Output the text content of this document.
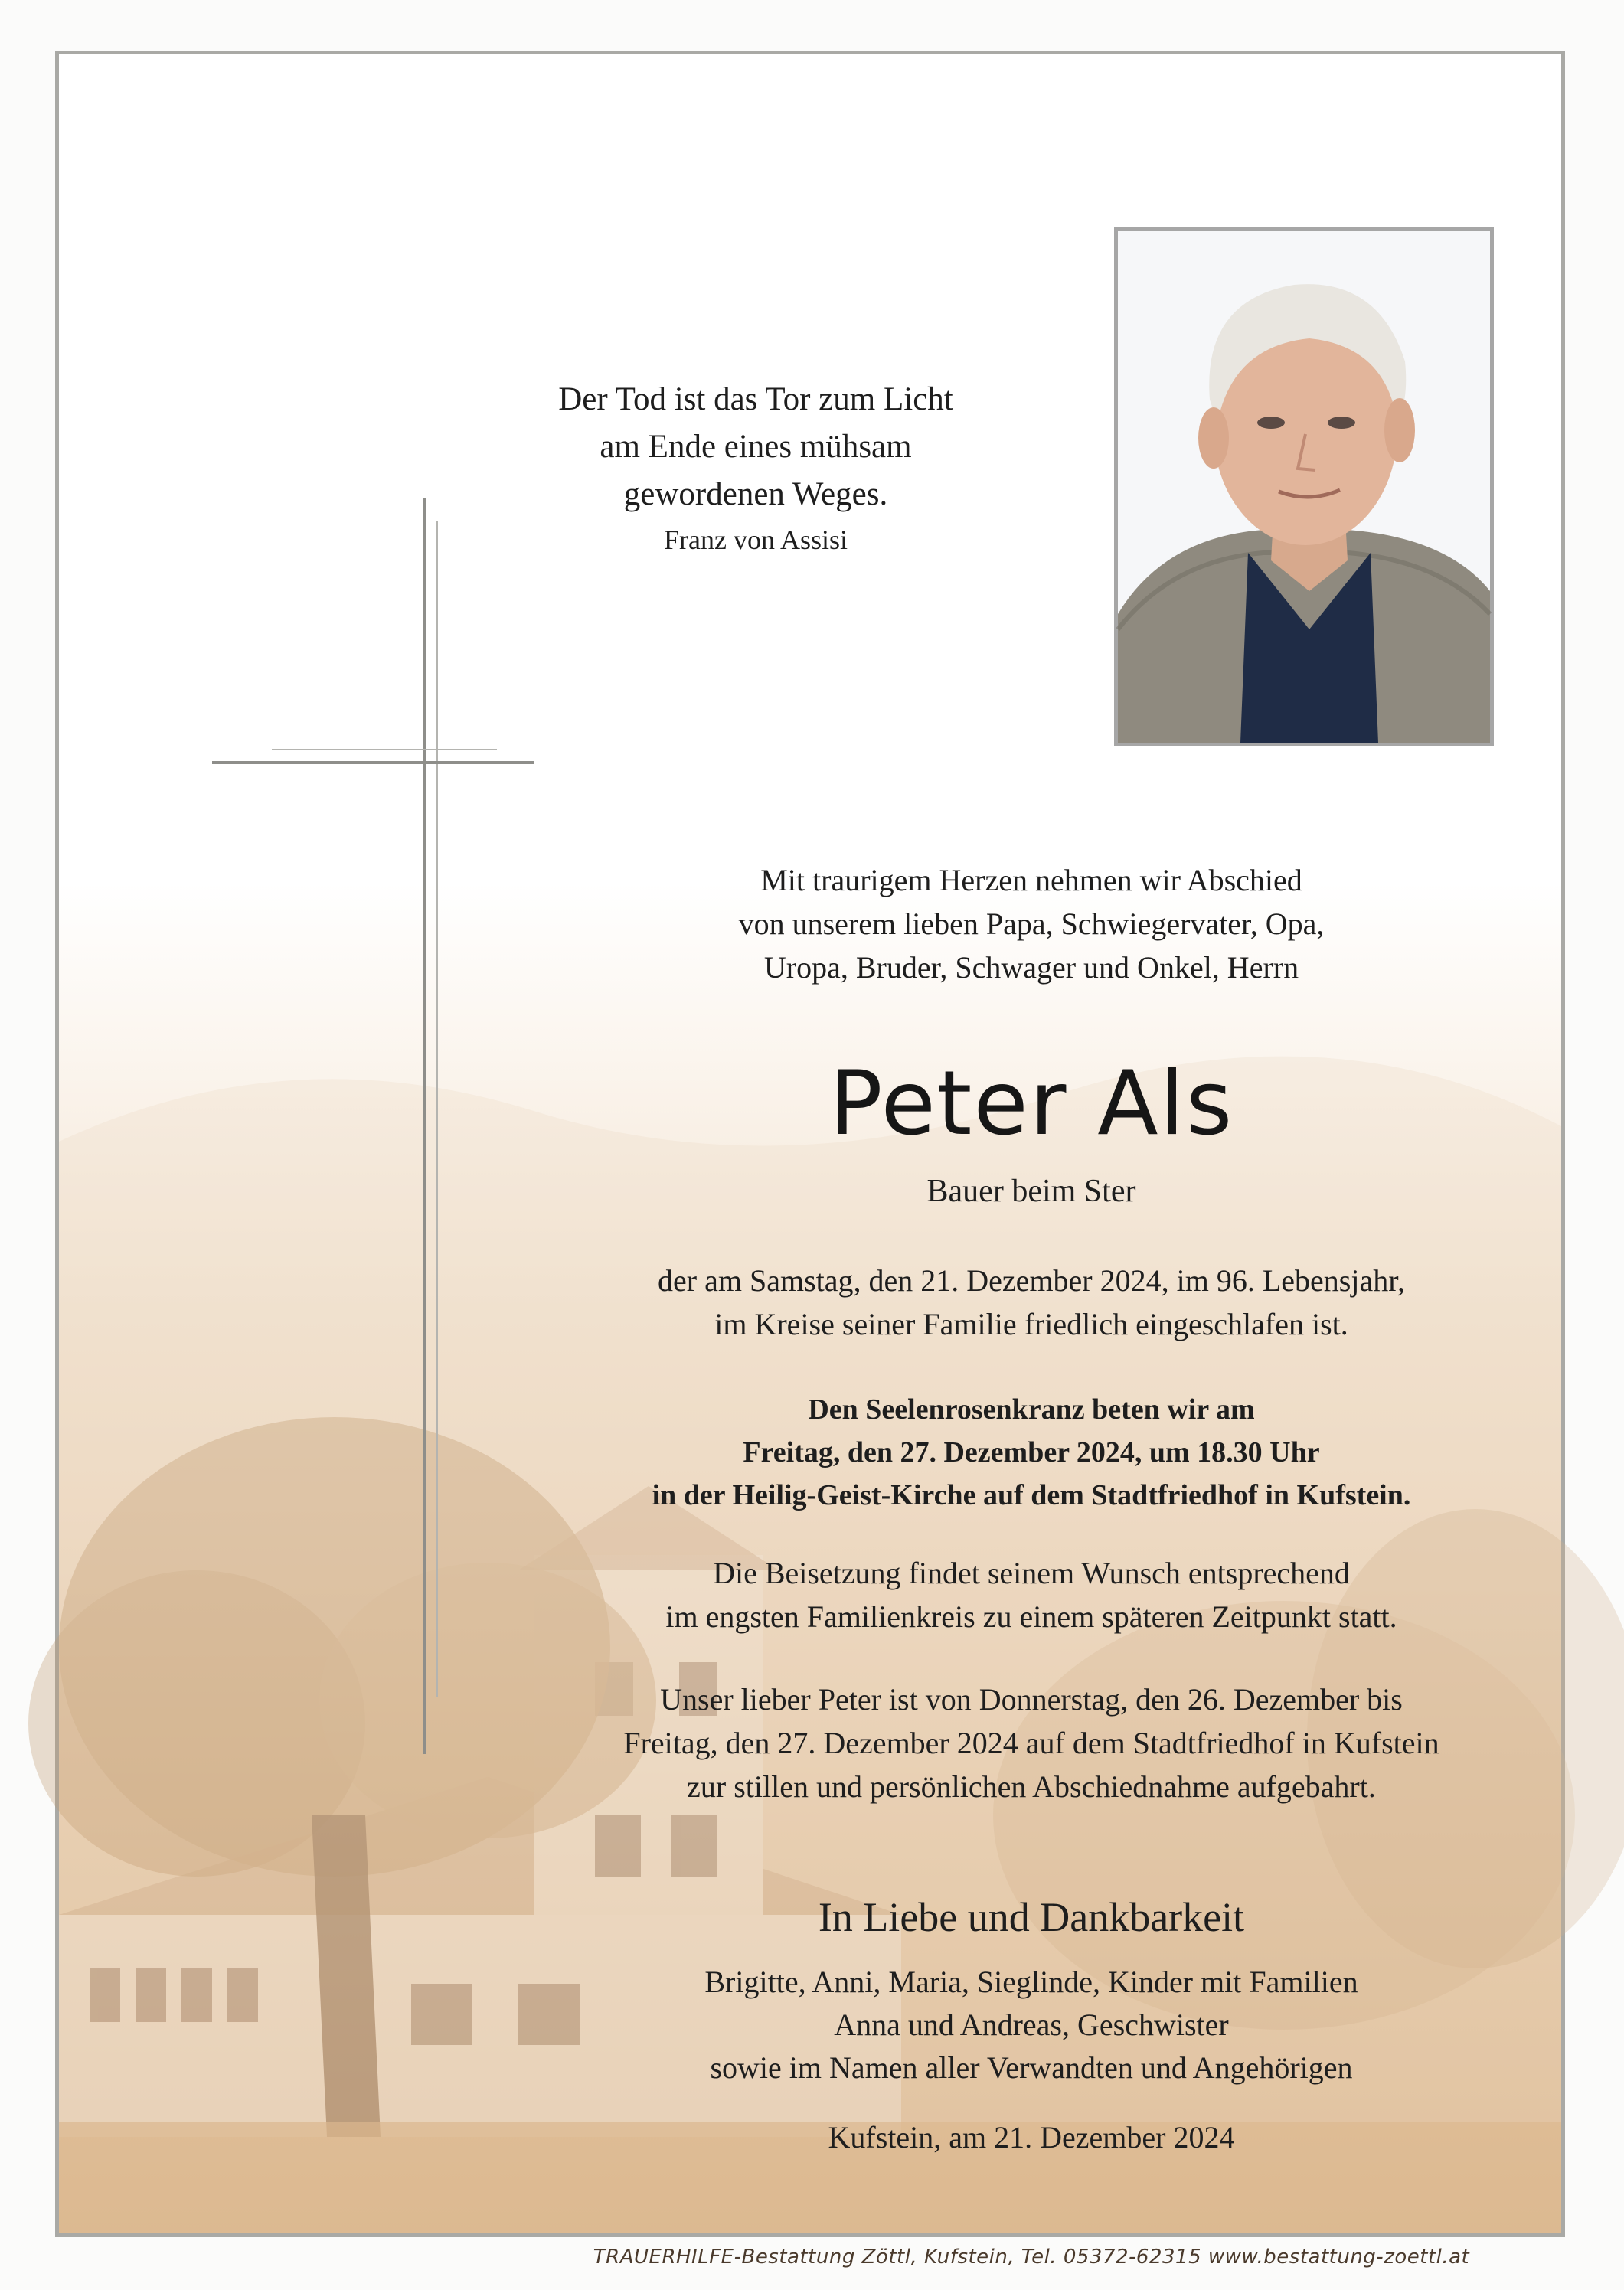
Der Tod ist das Tor zum Licht
am Ende eines mühsam
gewordenen Weges.
Franz von Assisi
Mit traurigem Herzen nehmen wir Abschied
von unserem lieben Papa, Schwiegervater, Opa,
Uropa, Bruder, Schwager und Onkel, Herrn
Peter Als
Bauer beim Ster
der am Samstag, den 21. Dezember 2024, im 96. Lebensjahr,
im Kreise seiner Familie friedlich eingeschlafen ist.
Den Seelenrosenkranz beten wir am
Freitag, den 27. Dezember 2024, um 18.30 Uhr
in der Heilig-Geist-Kirche auf dem Stadtfriedhof in Kufstein.
Die Beisetzung findet seinem Wunsch entsprechend
im engsten Familienkreis zu einem späteren Zeitpunkt statt.
Unser lieber Peter ist von Donnerstag, den 26. Dezember bis
Freitag, den 27. Dezember 2024 auf dem Stadtfriedhof in Kufstein
zur stillen und persönlichen Abschiednahme aufgebahrt.
In Liebe und Dankbarkeit
Brigitte, Anni, Maria, Sieglinde, Kinder mit Familien
Anna und Andreas, Geschwister
sowie im Namen aller Verwandten und Angehörigen
Kufstein, am 21. Dezember 2024
TRAUERHILFE-Bestattung Zöttl, Kufstein, Tel. 05372-62315 www.bestattung-zoettl.at
